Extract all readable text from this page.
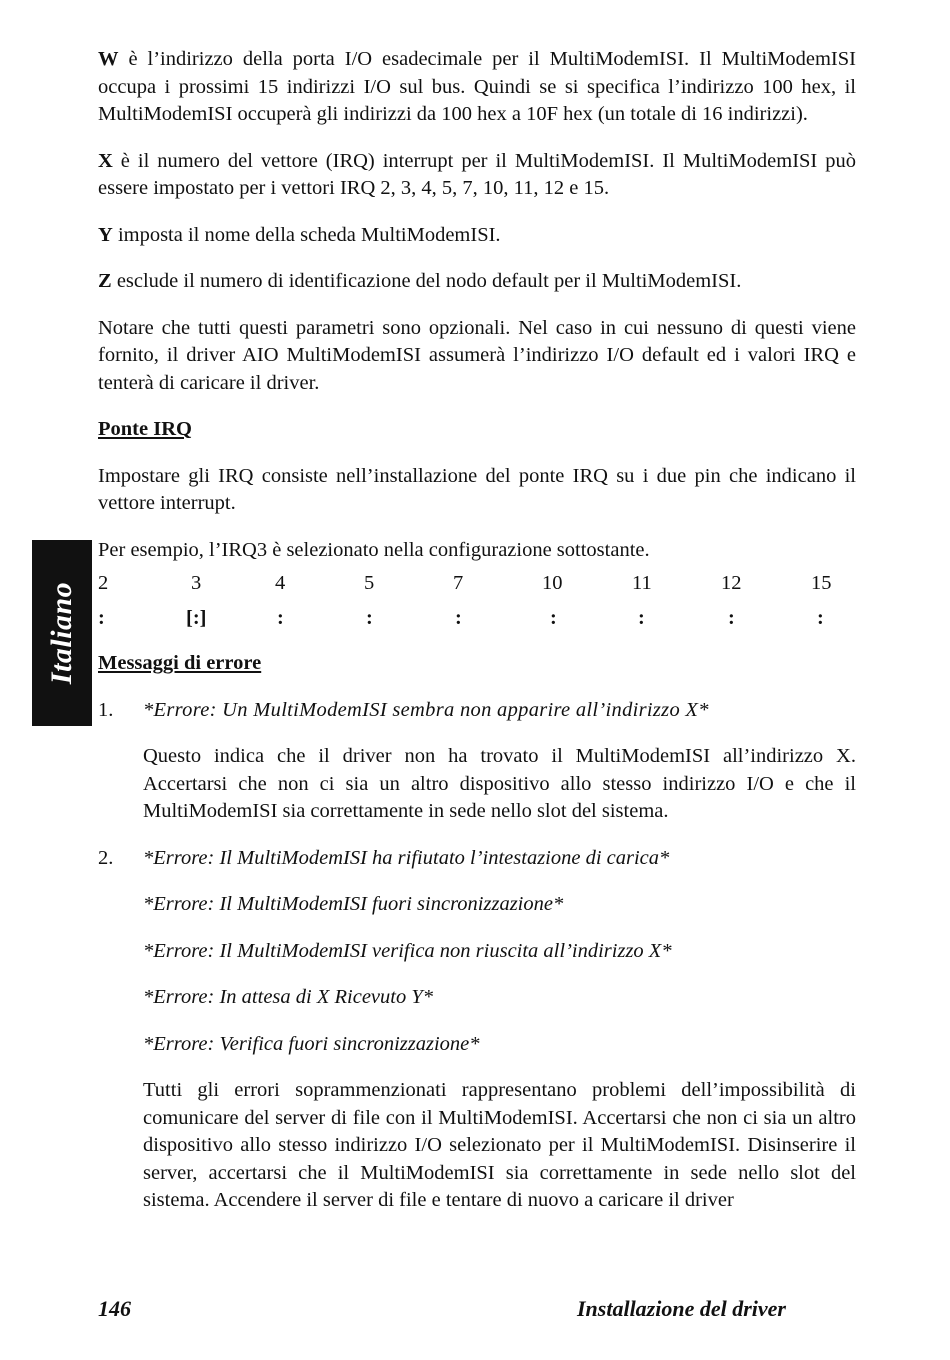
Italiano

W è l’indirizzo della porta I/O esadecimale per il MultiModemISI. Il MultiModemISI occupa i prossimi 15 indirizzi I/O sul bus. Quindi se si specifica l’indirizzo 100 hex, il MultiModemISI occuperà gli indirizzi da 100 hex a 10F hex (un totale di 16 indirizzi).

X è il numero del vettore (IRQ) interrupt per il MultiModemISI. Il MultiModemISI può essere impostato per i vettori IRQ 2, 3, 4, 5, 7, 10, 11, 12 e 15.

Y imposta il nome della scheda MultiModemISI.

Z esclude il numero di identificazione del nodo default per il MultiModemISI.

Notare che tutti questi parametri sono opzionali. Nel caso in cui nessuno di questi viene fornito, il driver AIO MultiModemISI assumerà l’indirizzo I/O default ed i valori IRQ e tenterà di caricare il driver.

Ponte IRQ

Impostare gli IRQ consiste nell’installazione del ponte IRQ su i due pin che indicano il vettore interrupt.

Per esempio, l’IRQ3 è selezionato nella configurazione sottostante.

2	3	4	5	7	10	11	12	15
:	[:]	:	:	:	:	:	:	:

Messaggi di errore

1.	*Errore: Un MultiModemISI sembra non apparire all’indirizzo X*

Questo indica che il driver non ha trovato il MultiModemISI all’indirizzo X. Accertarsi che non ci sia un altro dispositivo allo stesso indirizzo I/O e che il MultiModemISI sia correttamente in sede nello slot del sistema.

2.	*Errore: Il MultiModemISI ha rifiutato l’intestazione di carica*

*Errore: Il MultiModemISI fuori sincronizzazione*

*Errore: Il MultiModemISI verifica non riuscita all’indirizzo X*

*Errore: In attesa di X Ricevuto Y*

*Errore: Verifica fuori sincronizzazione*

Tutti gli errori soprammenzionati rappresentano problemi dell’impossibilità di comunicare del server di file con il MultiModemISI. Accertarsi che non ci sia un altro dispositivo allo stesso indirizzo I/O selezionato per il MultiModemISI. Disinserire il server, accertarsi che il MultiModemISI sia correttamente in sede nello slot del sistema. Accendere il server di file e tentare di nuovo a caricare il driver

146	Installazione del driver
